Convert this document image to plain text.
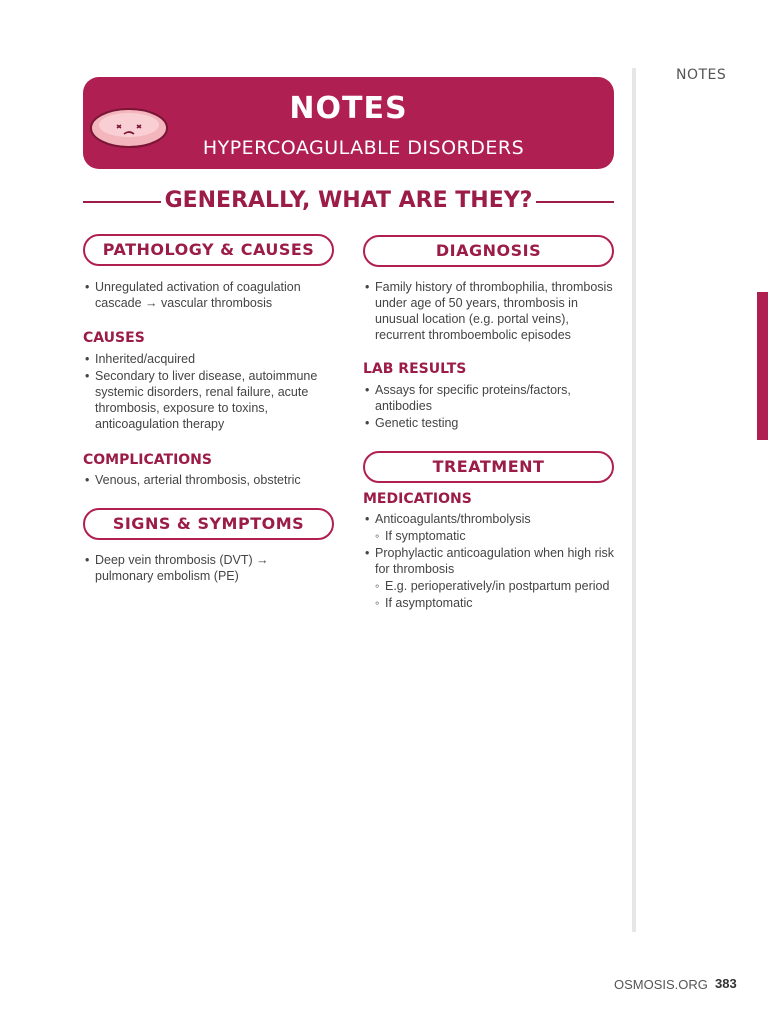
NOTES
NOTES
HYPERCOAGULABLE DISORDERS
GENERALLY, WHAT ARE THEY?
PATHOLOGY & CAUSES
• Unregulated activation of coagulation cascade → vascular thrombosis
CAUSES
• Inherited/acquired
• Secondary to liver disease, autoimmune systemic disorders, renal failure, acute thrombosis, exposure to toxins, anticoagulation therapy
COMPLICATIONS
• Venous, arterial thrombosis, obstetric
SIGNS & SYMPTOMS
• Deep vein thrombosis (DVT) → pulmonary embolism (PE)
DIAGNOSIS
• Family history of thrombophilia, thrombosis under age of 50 years, thrombosis in unusual location (e.g. portal veins), recurrent thromboembolic episodes
LAB RESULTS
• Assays for specific proteins/factors, antibodies
• Genetic testing
TREATMENT
MEDICATIONS
• Anticoagulants/thrombolysis
◦ If symptomatic
• Prophylactic anticoagulation when high risk for thrombosis
◦ E.g. perioperatively/in postpartum period
◦ If asymptomatic
OSMOSIS.ORG 383
